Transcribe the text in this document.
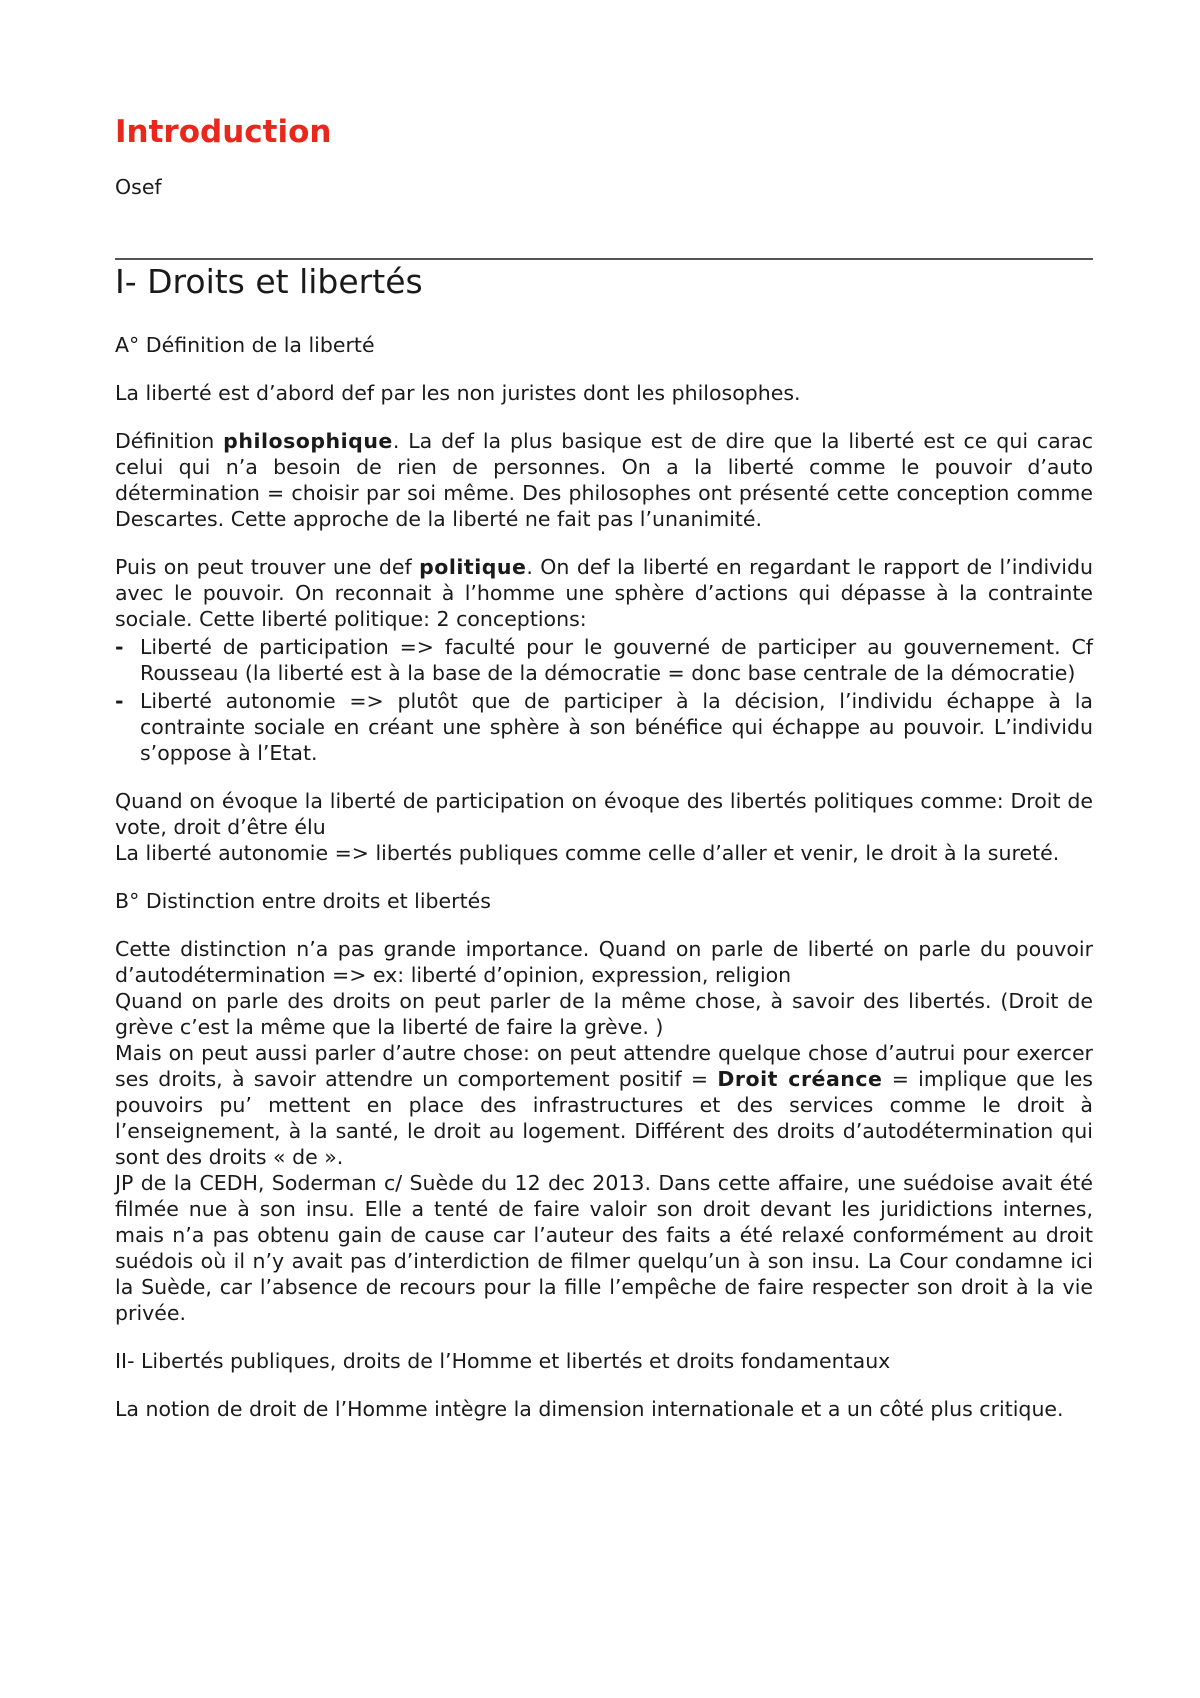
Introduction

Osef

I- Droits et libertés

A° Définition de la liberté

La liberté est d’abord def par les non juristes dont les philosophes.

Définition philosophique. La def la plus basique est de dire que la liberté est ce qui carac celui qui n’a besoin de rien de personnes. On a la liberté comme le pouvoir d’auto détermination = choisir par soi même. Des philosophes ont présenté cette conception comme Descartes. Cette approche de la liberté ne fait pas l’unanimité.

Puis on peut trouver une def politique. On def la liberté en regardant le rapport de l’individu avec le pouvoir. On reconnait à l’homme une sphère d’actions qui dépasse à la contrainte sociale. Cette liberté politique: 2 conceptions:

- Liberté de participation => faculté pour le gouverné de participer au gouvernement. Cf Rousseau (la liberté est à la base de la démocratie = donc base centrale de la démocratie)
- Liberté autonomie => plutôt que de participer à la décision, l’individu échappe à la contrainte sociale en créant une sphère à son bénéfice qui échappe au pouvoir. L’individu s’oppose à l’Etat.

Quand on évoque la liberté de participation on évoque des libertés politiques comme: Droit de vote, droit d’être élu

La liberté autonomie => libertés publiques comme celle d’aller et venir, le droit à la sureté.

B° Distinction entre droits et libertés

Cette distinction n’a pas grande importance. Quand on parle de liberté on parle du pouvoir d’autodétermination => ex: liberté d’opinion, expression, religion

Quand on parle des droits on peut parler de la même chose, à savoir des libertés. (Droit de grève c’est la même que la liberté de faire la grève. )

Mais on peut aussi parler d’autre chose: on peut attendre quelque chose d’autrui pour exercer ses droits, à savoir attendre un comportement positif = Droit créance = implique que les pouvoirs pu’ mettent en place des infrastructures et des services comme le droit à l’enseignement, à la santé, le droit au logement. Différent des droits d’autodétermination qui sont des droits « de ».

JP de la CEDH, Soderman c/ Suède du 12 dec 2013. Dans cette affaire, une suédoise avait été filmée nue à son insu. Elle a tenté de faire valoir son droit devant les juridictions internes, mais n’a pas obtenu gain de cause car l’auteur des faits a été relaxé conformément au droit suédois où il n’y avait pas d’interdiction de filmer quelqu’un à son insu. La Cour condamne ici la Suède, car l’absence de recours pour la fille l’empêche de faire respecter son droit à la vie privée.

II- Libertés publiques, droits de l’Homme et libertés et droits fondamentaux

La notion de droit de l’Homme intègre la dimension internationale et a un côté plus critique.
